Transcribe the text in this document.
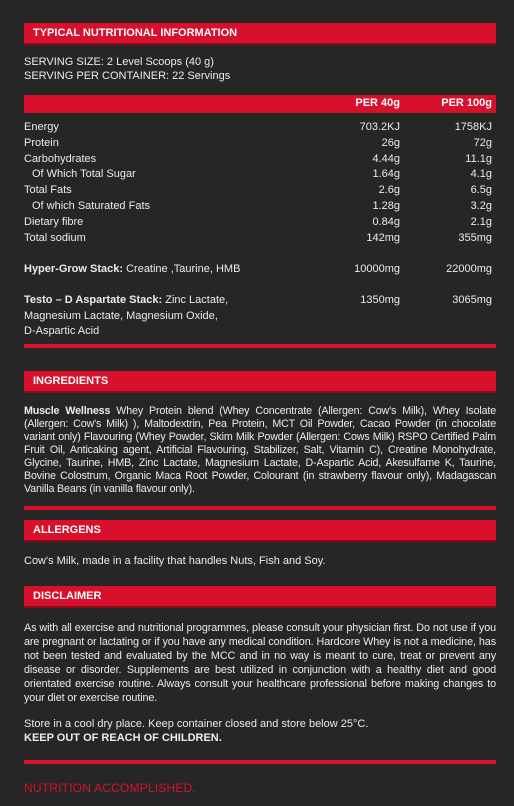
TYPICAL NUTRITIONAL INFORMATION
SERVING SIZE: 2 Level Scoops (40 g)
SERVING PER CONTAINER: 22 Servings
PER 40g	PER 100g
Energy	703.2KJ	1758KJ
Protein	26g	72g
Carbohydrates	4.44g	11.1g
Of Which Total Sugar	1.64g	4.1g
Total Fats	2.6g	6.5g
Of which Saturated Fats	1.28g	3.2g
Dietary fibre	0.84g	2.1g
Total sodium	142mg	355mg
Hyper-Grow Stack: Creatine ,Taurine, HMB	10000mg	22000mg
Testo – D Aspartate Stack: Zinc Lactate,	1350mg	3065mg
Magnesium Lactate, Magnesium Oxide,
D-Aspartic Acid
INGREDIENTS
Muscle Wellness Whey Protein blend (Whey Concentrate (Allergen: Cow's Milk), Whey Isolate (Allergen: Cow's Milk) ), Maltodextrin, Pea Protein, MCT Oil Powder, Cacao Powder (in chocolate variant only) Flavouring (Whey Powder, Skim Milk Powder (Allergen: Cows Milk) RSPO Certified Palm Fruit Oil, Anticaking agent, Artificial Flavouring, Stabilizer, Salt, Vitamin C), Creatine Monohydrate, Glycine, Taurine, HMB, Zinc Lactate, Magnesium Lactate, D-Aspartic Acid, Akesulfame K, Taurine, Bovine Colostrum, Organic Maca Root Powder, Colourant (in strawberry flavour only), Madagascan Vanilla Beans (in vanilla flavour only).
ALLERGENS
Cow's Milk, made in a facility that handles Nuts, Fish and Soy.
DISCLAIMER
As with all exercise and nutritional programmes, please consult your physician first. Do not use if you are pregnant or lactating or if you have any medical condition. Hardcore Whey is not a medicine, has not been tested and evaluated by the MCC and in no way is meant to cure, treat or prevent any disease or disorder. Supplements are best utilized in conjunction with a healthy diet and good orientated exercise routine. Always consult your healthcare professional before making changes to your diet or exercise routine.
Store in a cool dry place. Keep container closed and store below 25°C.
KEEP OUT OF REACH OF CHILDREN.
NUTRITION ACCOMPLISHED.
